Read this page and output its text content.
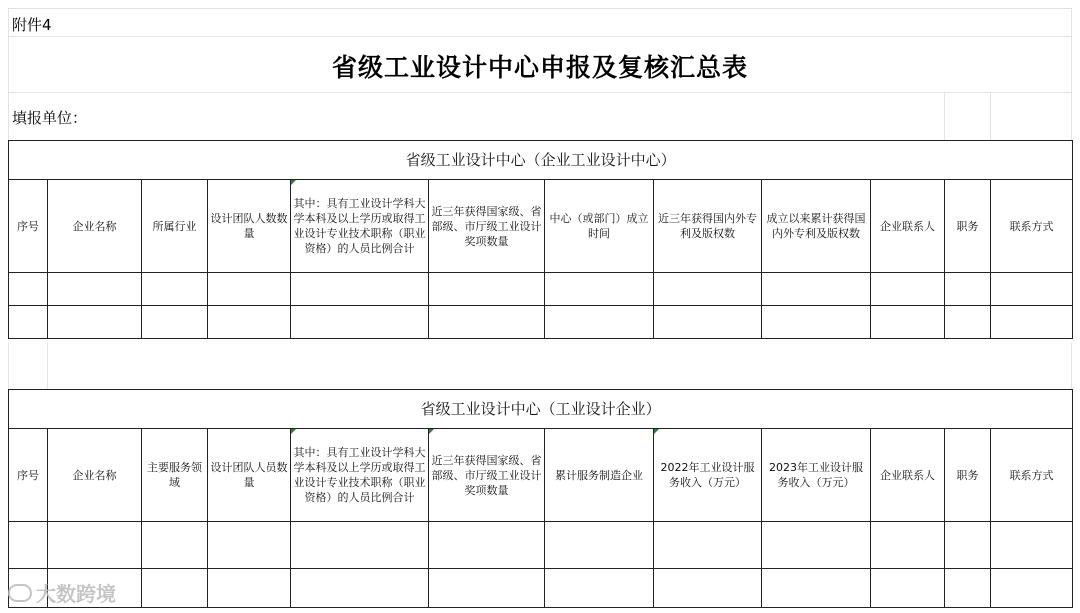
附件4
省级工业设计中心申报及复核汇总表
填报单位：
省级工业设计中心（企业工业设计中心）											
序号	企业名称	所属行业	设计团队人数数量	其中：具有工业设计学科大学本科及以上学历或取得工业设计专业技术职称（职业资格）的人员比例合计	近三年获得国家级、省部级、市厅级工业设计奖项数量	中心（或部门）成立时间	近三年获得国内外专利及版权数	成立以来累计获得国内外专利及版权数	企业联系人	职务	联系方式

省级工业设计中心（工业设计企业）											
序号	企业名称	主要服务领域	设计团队人员数量	其中：具有工业设计学科大学本科及以上学历或取得工业设计专业技术职称（职业资格）的人员比例合计	近三年获得国家级、省部级、市厅级工业设计奖项数量	累计服务制造企业	2022年工业设计服务收入（万元）	2023年工业设计服务收入（万元）	企业联系人	职务	联系方式

大数跨境
